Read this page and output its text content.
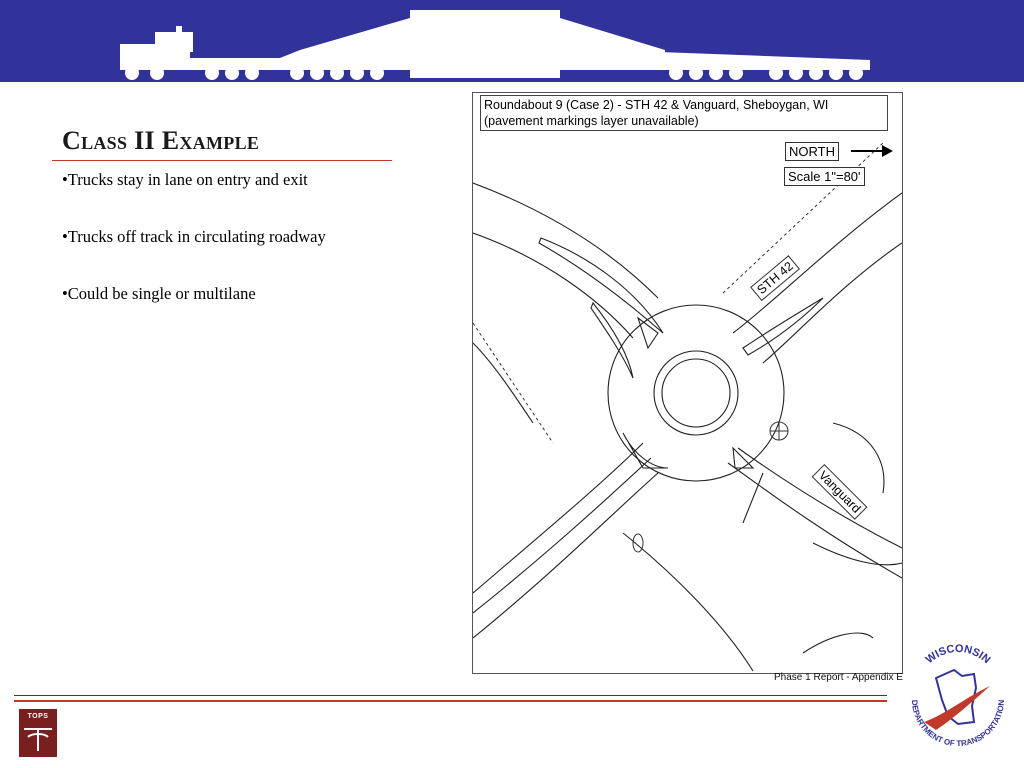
Class II Example
•Trucks stay in lane on entry and exit
•Trucks off track in circulating roadway
•Could be single or multilane
Roundabout 9 (Case 2) - STH 42 & Vanguard, Sheboygan, WI
(pavement markings layer unavailable)
NORTH
Scale 1"=80'
STH 42
Vanguard
Phase 1 Report - Appendix E
TOPS
WISCONSIN
DEPARTMENT OF TRANSPORTATION
